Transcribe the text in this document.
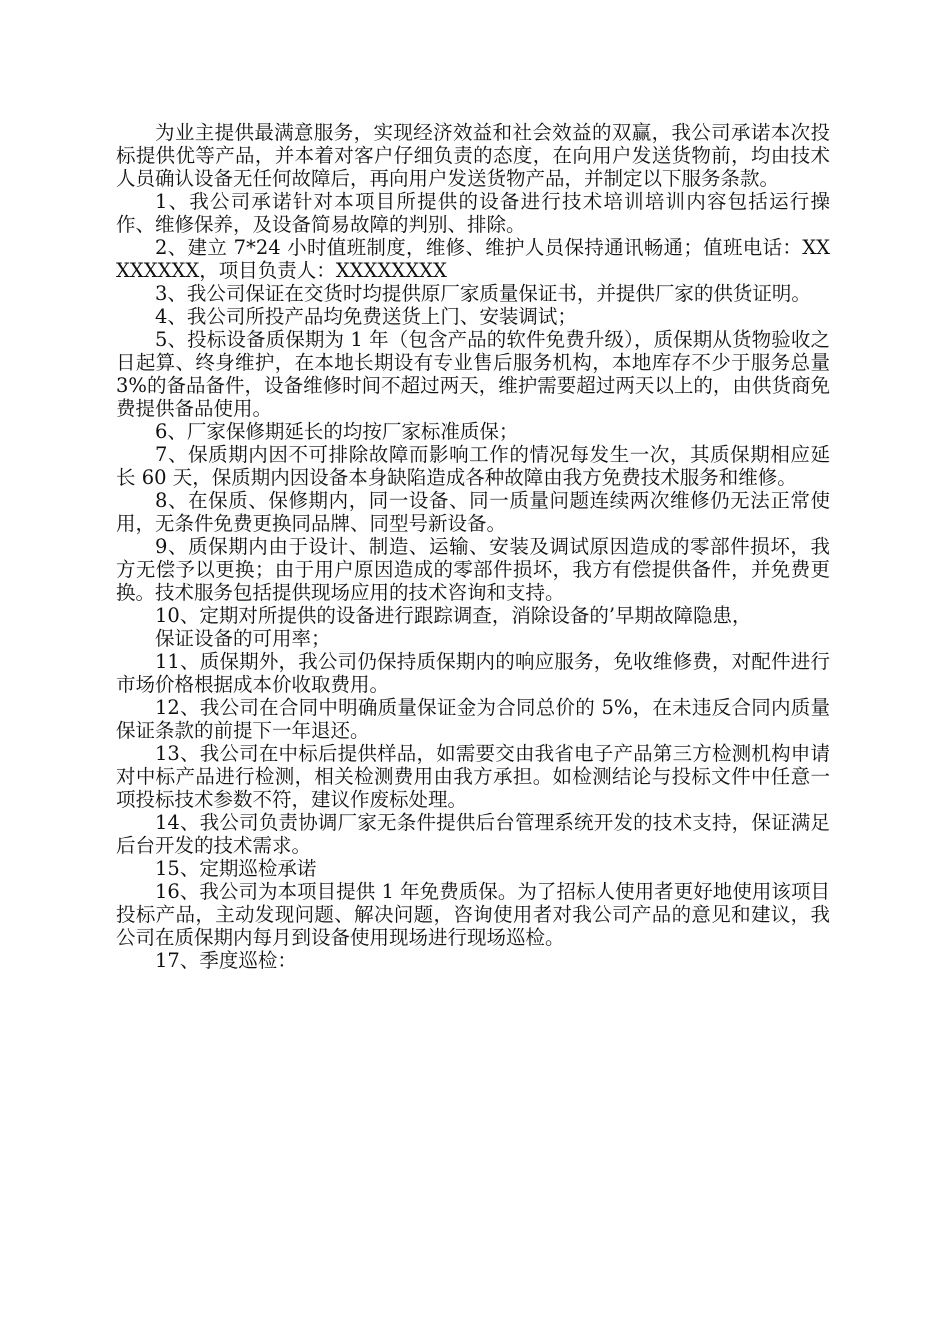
为业主提供最满意服务，实现经济效益和社会效益的双赢，我公司承诺本次投标提供优等产品，并本着对客户仔细负责的态度，在向用户发送货物前，均由技术人员确认设备无任何故障后，再向用户发送货物产品，并制定以下服务条款。

1、我公司承诺针对本项目所提供的设备进行技术培训培训内容包括运行操作、维修保养，及设备简易故障的判别、排除。

2、建立 7*24 小时值班制度，维修、维护人员保持通讯畅通；值班电话：XXXXXXXX，项目负责人：XXXXXXXX

3、我公司保证在交货时均提供原厂家质量保证书，并提供厂家的供货证明。

4、我公司所投产品均免费送货上门、安装调试；

5、投标设备质保期为 1 年（包含产品的软件免费升级），质保期从货物验收之日起算、终身维护，在本地长期设有专业售后服务机构，本地库存不少于服务总量 3%的备品备件，设备维修时间不超过两天，维护需要超过两天以上的，由供货商免费提供备品使用。

6、厂家保修期延长的均按厂家标准质保；

7、保质期内因不可排除故障而影响工作的情况每发生一次，其质保期相应延长 60 天，保质期内因设备本身缺陷造成各种故障由我方免费技术服务和维修。

8、在保质、保修期内，同一设备、同一质量问题连续两次维修仍无法正常使用，无条件免费更换同品牌、同型号新设备。

9、质保期内由于设计、制造、运输、安装及调试原因造成的零部件损坏，我方无偿予以更换；由于用户原因造成的零部件损坏，我方有偿提供备件，并免费更换。技术服务包括提供现场应用的技术咨询和支持。

10、定期对所提供的设备进行跟踪调查，消除设备的’早期故障隐患，

保证设备的可用率；

11、质保期外，我公司仍保持质保期内的响应服务，免收维修费，对配件进行市场价格根据成本价收取费用。

12、我公司在合同中明确质量保证金为合同总价的 5%，在未违反合同内质量保证条款的前提下一年退还。

13、我公司在中标后提供样品，如需要交由我省电子产品第三方检测机构申请对中标产品进行检测，相关检测费用由我方承担。如检测结论与投标文件中任意一项投标技术参数不符，建议作废标处理。

14、我公司负责协调厂家无条件提供后台管理系统开发的技术支持，保证满足后台开发的技术需求。

15、定期巡检承诺

16、我公司为本项目提供 1 年免费质保。为了招标人使用者更好地使用该项目投标产品，主动发现问题、解决问题，咨询使用者对我公司产品的意见和建议，我公司在质保期内每月到设备使用现场进行现场巡检。

17、季度巡检：
